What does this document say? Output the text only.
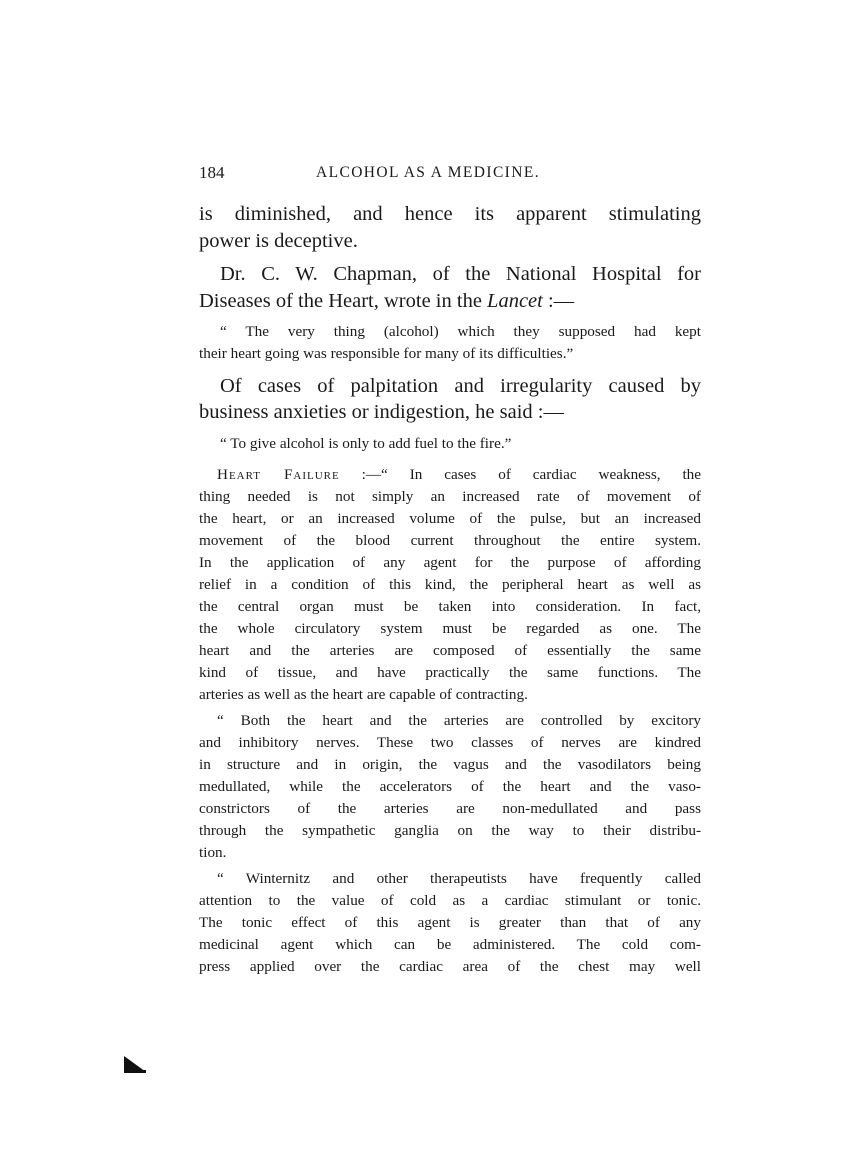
184	ALCOHOL AS A MEDICINE.
is diminished, and hence its apparent stimulating
power is deceptive.
Dr. C. W. Chapman, of the National Hospital for
Diseases of the Heart, wrote in the Lancet :—
“ The very thing (alcohol) which they supposed had kept
their heart going was responsible for many of its difficulties.”
Of cases of palpitation and irregularity caused by
business anxieties or indigestion, he said :—
“ To give alcohol is only to add fuel to the fire.”
Heart Failure :—“ In cases of cardiac weakness, the
thing needed is not simply an increased rate of movement of
the heart, or an increased volume of the pulse, but an increased
movement of the blood current throughout the entire system.
In the application of any agent for the purpose of affording
relief in a condition of this kind, the peripheral heart as well as
the central organ must be taken into consideration. In fact,
the whole circulatory system must be regarded as one. The
heart and the arteries are composed of essentially the same
kind of tissue, and have practically the same functions. The
arteries as well as the heart are capable of contracting.
“ Both the heart and the arteries are controlled by excitory
and inhibitory nerves. These two classes of nerves are kindred
in structure and in origin, the vagus and the vasodilators being
medullated, while the accelerators of the heart and the vaso-
constrictors of the arteries are non-medullated and pass
through the sympathetic ganglia on the way to their distribu-
tion.
“ Winternitz and other therapeutists have frequently called
attention to the value of cold as a cardiac stimulant or tonic.
The tonic effect of this agent is greater than that of any
medicinal agent which can be administered. The cold com-
press applied over the cardiac area of the chest may well
